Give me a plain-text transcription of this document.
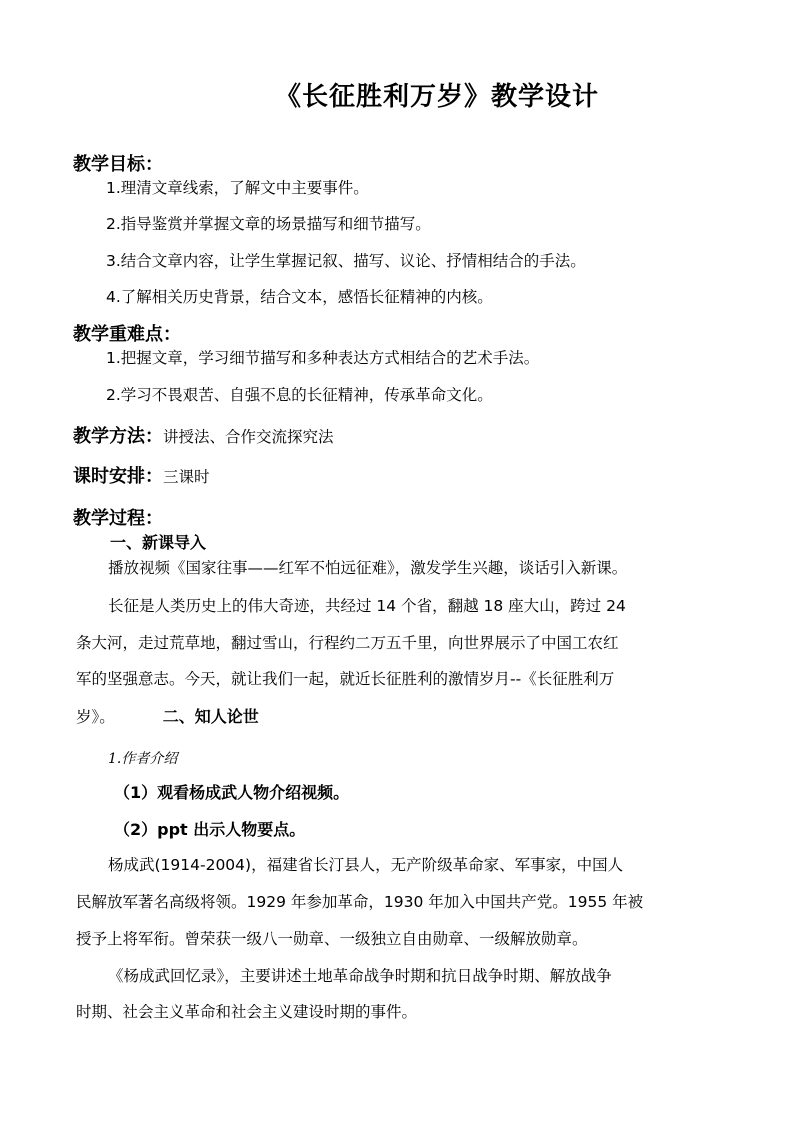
《长征胜利万岁》教学设计
教学目标：
1.理清文章线索，了解文中主要事件。
2.指导鉴赏并掌握文章的场景描写和细节描写。
3.结合文章内容，让学生掌握记叙、描写、议论、抒情相结合的手法。
4.了解相关历史背景，结合文本，感悟长征精神的内核。
教学重难点：
1.把握文章，学习细节描写和多种表达方式相结合的艺术手法。
2.学习不畏艰苦、自强不息的长征精神，传承革命文化。
教学方法：讲授法、合作交流探究法
课时安排：三课时
教学过程：
一、新课导入
播放视频《国家往事——红军不怕远征难》，激发学生兴趣，谈话引入新课。
长征是人类历史上的伟大奇迹，共经过 14 个省，翻越 18 座大山，跨过 24
条大河，走过荒草地，翻过雪山，行程约二万五千里，向世界展示了中国工农红
军的坚强意志。今天，就让我们一起，就近长征胜利的激情岁月--《长征胜利万
岁》。	二、知人论世
1.作者介绍
（1）观看杨成武人物介绍视频。
（2）ppt 出示人物要点。
杨成武(1914-2004)，福建省长汀县人，无产阶级革命家、军事家，中国人
民解放军著名高级将领。1929 年参加革命，1930 年加入中国共产党。1955 年被
授予上将军衔。曾荣获一级八一勋章、一级独立自由勋章、一级解放勋章。
《杨成武回忆录》，主要讲述土地革命战争时期和抗日战争时期、解放战争
时期、社会主义革命和社会主义建设时期的事件。
